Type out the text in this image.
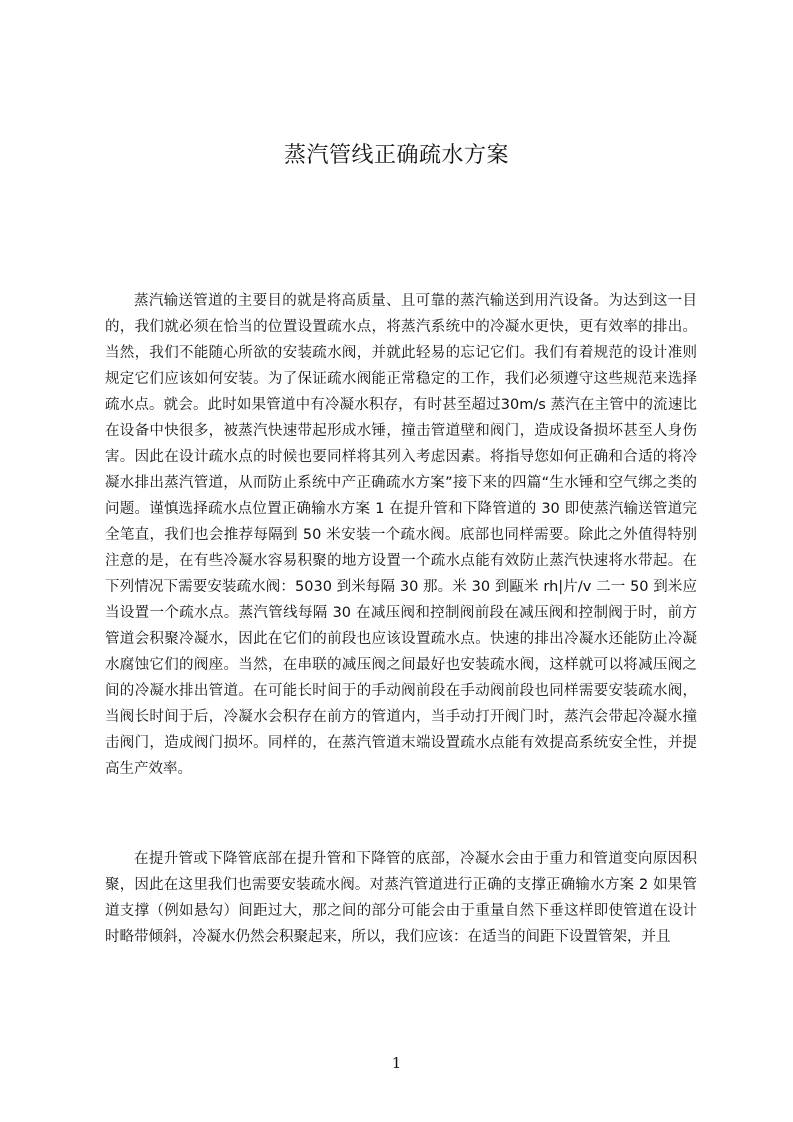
蒸汽管线正确疏水方案

蒸汽输送管道的主要目的就是将高质量、且可靠的蒸汽输送到用汽设备。为达到这一目的，我们就必须在恰当的位置设置疏水点，将蒸汽系统中的冷凝水更快，更有效率的排出。当然，我们不能随心所欲的安装疏水阀，并就此轻易的忘记它们。我们有着规范的设计准则规定它们应该如何安装。为了保证疏水阀能正常稳定的工作，我们必须遵守这些规范来选择疏水点。就会。此时如果管道中有冷凝水积存，有时甚至超过30m/s 蒸汽在主管中的流速比在设备中快很多，被蒸汽快速带起形成水锤，撞击管道壁和阀门，造成设备损坏甚至人身伤害。因此在设计疏水点的时候也要同样将其列入考虑因素。将指导您如何正确和合适的将冷凝水排出蒸汽管道，从而防止系统中产正确疏水方案”接下来的四篇“生水锤和空气绑之类的问题。谨慎选择疏水点位置正确输水方案 1 在提升管和下降管道的 30 即使蒸汽输送管道完全笔直，我们也会推荐每隔到 50 米安装一个疏水阀。底部也同样需要。除此之外值得特别注意的是，在有些冷凝水容易积聚的地方设置一个疏水点能有效防止蒸汽快速将水带起。在下列情况下需要安装疏水阀：5030 到米每隔 30 那。米 30 到甌米 rh|片/v 二一 50 到米应当设置一个疏水点。蒸汽管线每隔 30 在减压阀和控制阀前段在减压阀和控制阀于时，前方管道会积聚冷凝水，因此在它们的前段也应该设置疏水点。快速的排出冷凝水还能防止冷凝水腐蚀它们的阀座。当然，在串联的减压阀之间最好也安装疏水阀，这样就可以将减压阀之间的冷凝水排出管道。在可能长时间于的手动阀前段在手动阀前段也同样需要安装疏水阀，当阀长时间于后，冷凝水会积存在前方的管道内，当手动打开阀门时，蒸汽会带起冷凝水撞击阀门，造成阀门损坏。同样的，在蒸汽管道末端设置疏水点能有效提高系统安全性，并提高生产效率。

在提升管或下降管底部在提升管和下降管的底部，冷凝水会由于重力和管道变向原因积聚，因此在这里我们也需要安装疏水阀。对蒸汽管道进行正确的支撑正确输水方案 2 如果管道支撑（例如悬勾）间距过大，那之间的部分可能会由于重量自然下垂这样即使管道在设计时略带倾斜，冷凝水仍然会积聚起来，所以，我们应该：在适当的间距下设置管架，并且

1
